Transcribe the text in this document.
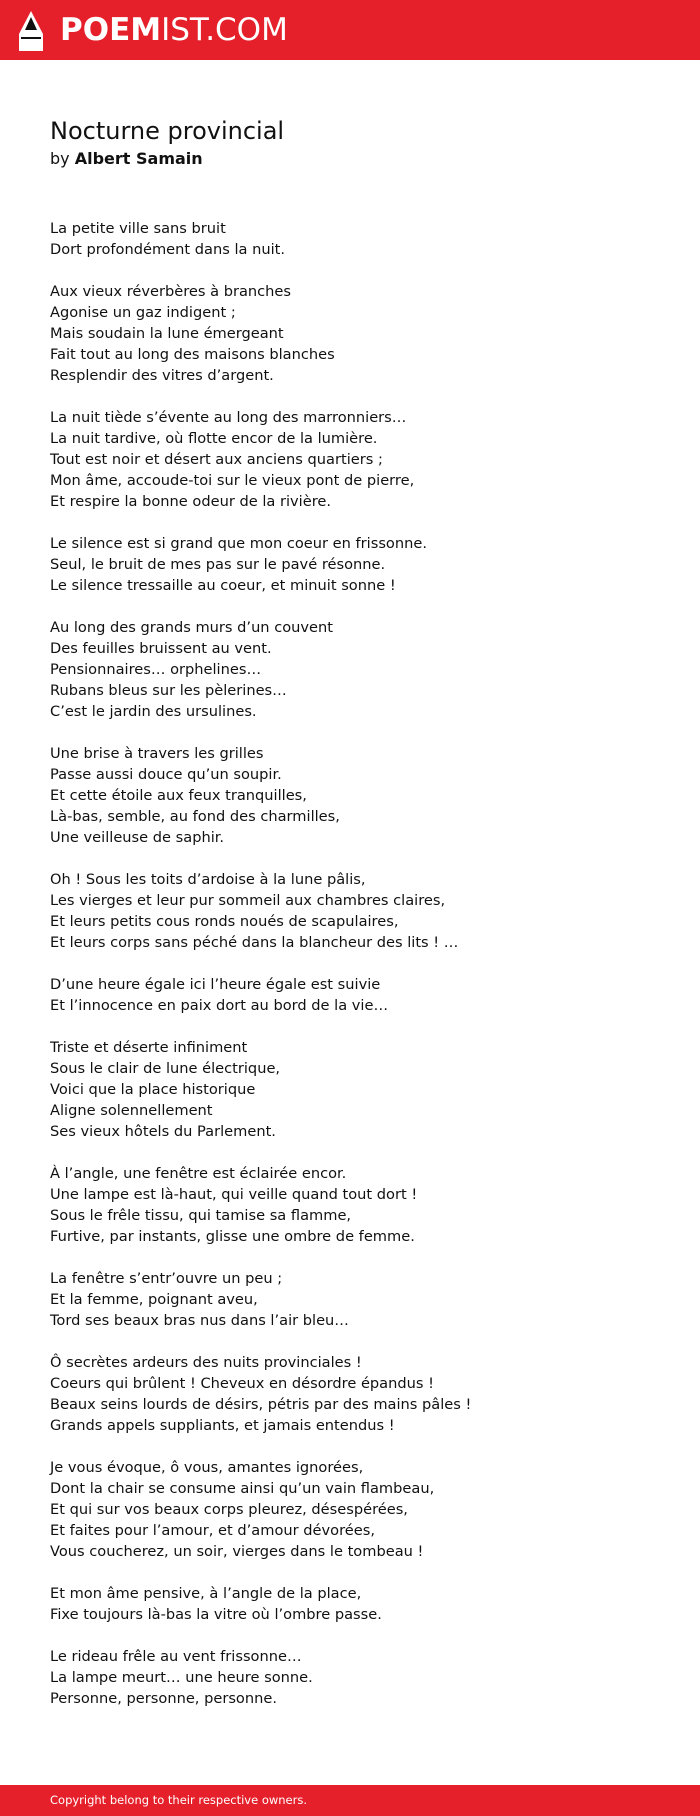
POEMIST.COM
Nocturne provincial
by Albert Samain
La petite ville sans bruit
Dort profondément dans la nuit.
Aux vieux réverbères à branches
Agonise un gaz indigent ;
Mais soudain la lune émergeant
Fait tout au long des maisons blanches
Resplendir des vitres d’argent.
La nuit tiède s’évente au long des marronniers…
La nuit tardive, où flotte encor de la lumière.
Tout est noir et désert aux anciens quartiers ;
Mon âme, accoude-toi sur le vieux pont de pierre,
Et respire la bonne odeur de la rivière.
Le silence est si grand que mon coeur en frissonne.
Seul, le bruit de mes pas sur le pavé résonne.
Le silence tressaille au coeur, et minuit sonne !
Au long des grands murs d’un couvent
Des feuilles bruissent au vent.
Pensionnaires… orphelines…
Rubans bleus sur les pèlerines…
C’est le jardin des ursulines.
Une brise à travers les grilles
Passe aussi douce qu’un soupir.
Et cette étoile aux feux tranquilles,
Là-bas, semble, au fond des charmilles,
Une veilleuse de saphir.
Oh ! Sous les toits d’ardoise à la lune pâlis,
Les vierges et leur pur sommeil aux chambres claires,
Et leurs petits cous ronds noués de scapulaires,
Et leurs corps sans péché dans la blancheur des lits ! …
D’une heure égale ici l’heure égale est suivie
Et l’innocence en paix dort au bord de la vie…
Triste et déserte infiniment
Sous le clair de lune électrique,
Voici que la place historique
Aligne solennellement
Ses vieux hôtels du Parlement.
À l’angle, une fenêtre est éclairée encor.
Une lampe est là-haut, qui veille quand tout dort !
Sous le frêle tissu, qui tamise sa flamme,
Furtive, par instants, glisse une ombre de femme.
La fenêtre s’entr’ouvre un peu ;
Et la femme, poignant aveu,
Tord ses beaux bras nus dans l’air bleu…
Ô secrètes ardeurs des nuits provinciales !
Coeurs qui brûlent ! Cheveux en désordre épandus !
Beaux seins lourds de désirs, pétris par des mains pâles !
Grands appels suppliants, et jamais entendus !
Je vous évoque, ô vous, amantes ignorées,
Dont la chair se consume ainsi qu’un vain flambeau,
Et qui sur vos beaux corps pleurez, désespérées,
Et faites pour l’amour, et d’amour dévorées,
Vous coucherez, un soir, vierges dans le tombeau !
Et mon âme pensive, à l’angle de la place,
Fixe toujours là-bas la vitre où l’ombre passe.
Le rideau frêle au vent frissonne…
La lampe meurt… une heure sonne.
Personne, personne, personne.
Copyright belong to their respective owners.
